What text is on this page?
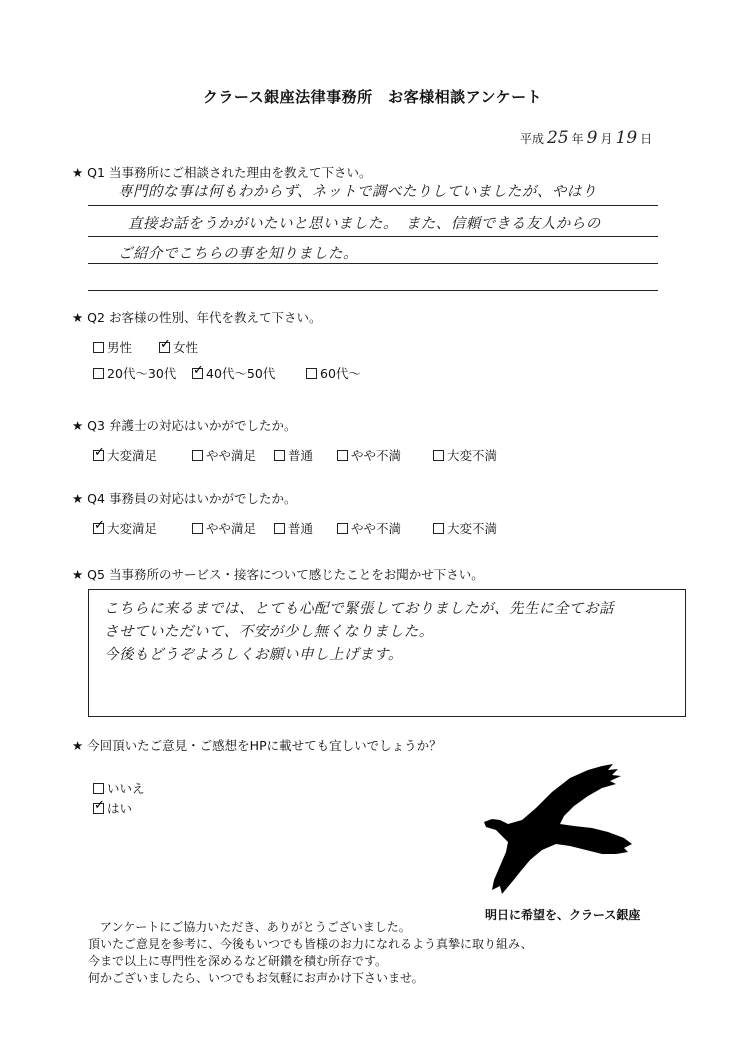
クラース銀座法律事務所　お客様相談アンケート
平成 25 年 9 月 19 日
★ Q1 当事務所にご相談された理由を教えて下さい。
専門的な事は何もわからず、ネットで調べたりしていましたが、やはり
直接お話をうかがいたいと思いました。　また、信頼できる友人からの
ご紹介でこちらの事を知りました。
★ Q2 お客様の性別、年代を教えて下さい。
男性 ✓	女性
20代～30代 ✓	40代～50代	60代～
★ Q3 弁護士の対応はいかがでしたか。
✓大変満足	やや満足	普通	やや不満	大変不満
★ Q4 事務員の対応はいかがでしたか。
✓大変満足	やや満足	普通	やや不満	大変不満
★ Q5 当事務所のサービス・接客について感じたことをお聞かせ下さい。
こちらに来るまでは、とても心配で緊張しておりましたが、先生に全てお話
させていただいて、不安が少し無くなりました。
今後もどうぞよろしくお願い申し上げます。
★ 今回頂いたご意見・ご感想をHPに載せても宜しいでしょうか？
いいえ
✓はい
明日に希望を、クラース銀座
アンケートにご協力いただき、ありがとうございました。
頂いたご意見を参考に、今後もいつでも皆様のお力になれるよう真摯に取り組み、
今まで以上に専門性を深めるなど研鑽を積む所存です。
何かございましたら、いつでもお気軽にお声かけ下さいませ。
